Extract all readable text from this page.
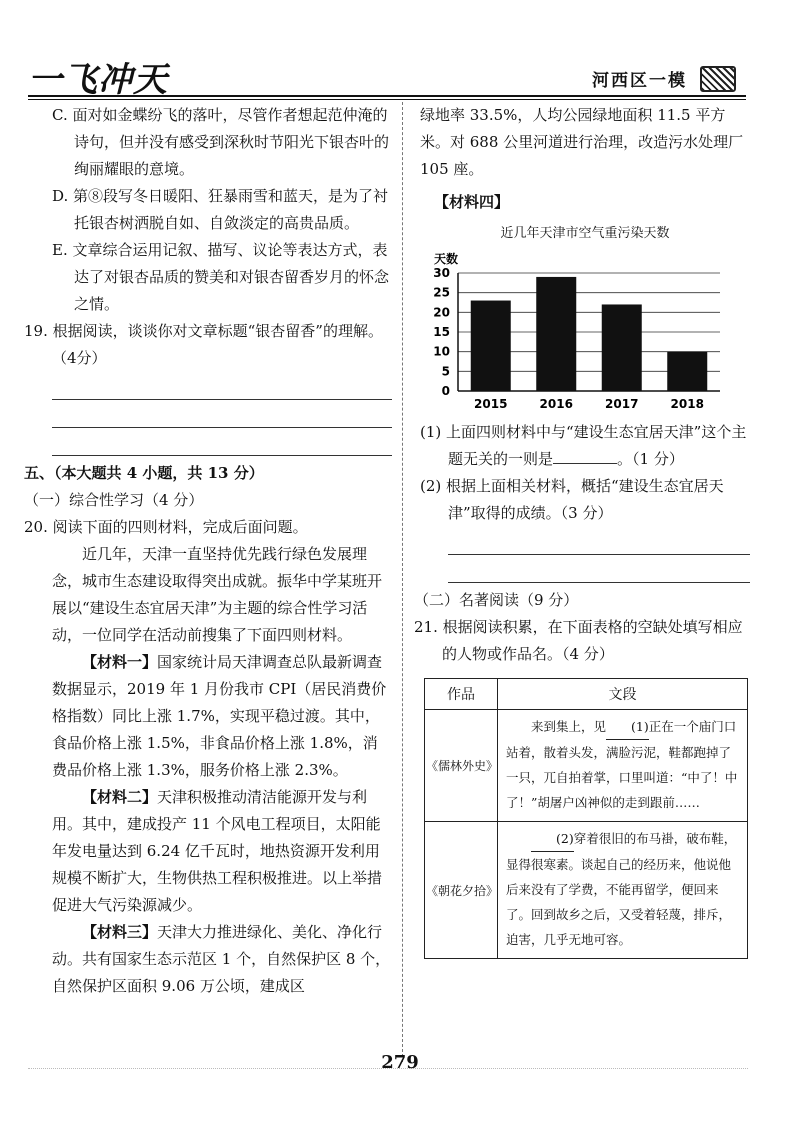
一飞冲天	河西区一模

C. 面对如金蝶纷飞的落叶，尽管作者想起范仲淹的诗句，但并没有感受到深秋时节阳光下银杏叶的绚丽耀眼的意境。

D. 第⑧段写冬日暖阳、狂暴雨雪和蓝天，是为了衬托银杏树洒脱自如、自敛淡定的高贵品质。

E. 文章综合运用记叙、描写、议论等表达方式，表达了对银杏品质的赞美和对银杏留香岁月的怀念之情。

19. 根据阅读，谈谈你对文章标题“银杏留香”的理解。（4分）

五、（本大题共 4 小题，共 13 分）

（一）综合性学习（4 分）

20. 阅读下面的四则材料，完成后面问题。

近几年，天津一直坚持优先践行绿色发展理念，城市生态建设取得突出成就。振华中学某班开展以“建设生态宜居天津”为主题的综合性学习活动，一位同学在活动前搜集了下面四则材料。

【材料一】国家统计局天津调查总队最新调查数据显示，2019 年 1 月份我市 CPI（居民消费价格指数）同比上涨 1.7%，实现平稳过渡。其中，食品价格上涨 1.5%，非食品价格上涨 1.8%，消费品价格上涨 1.3%，服务价格上涨 2.3%。

【材料二】天津积极推动清洁能源开发与利用。其中，建成投产 11 个风电工程项目，太阳能年发电量达到 6.24 亿千瓦时，地热资源开发利用规模不断扩大，生物供热工程积极推进。以上举措促进大气污染源减少。

【材料三】天津大力推进绿化、美化、净化行动。共有国家生态示范区 1 个，自然保护区 8 个，自然保护区面积 9.06 万公顷，建成区

绿地率 33.5%，人均公园绿地面积 11.5 平方米。对 688 公里河道进行治理，改造污水处理厂 105 座。

【材料四】

近几年天津市空气重污染天数
天数
0
5
10
15
20
25
30
2015	2016	2017	2018

(1) 上面四则材料中与“建设生态宜居天津”这个主题无关的一则是	。（1 分）

(2) 根据上面相关材料，概括“建设生态宜居天津”取得的成绩。（3 分）

（二）名著阅读（9 分）

21. 根据阅读积累，在下面表格的空缺处填写相应的人物或作品名。（4 分）

作品	文段
《儒林外史》	来到集上，见 (1)正在一个庙门口站着，散着头发，满脸污泥，鞋都跑掉了一只，兀自拍着掌，口里叫道：“中了！中了！”胡屠户凶神似的走到跟前……
《朝花夕拾》	(2)穿着很旧的布马褂，破布鞋，显得很寒素。谈起自己的经历来，他说他后来没有了学费，不能再留学，便回来了。回到故乡之后，又受着轻蔑，排斥，迫害，几乎无地可容。
279
